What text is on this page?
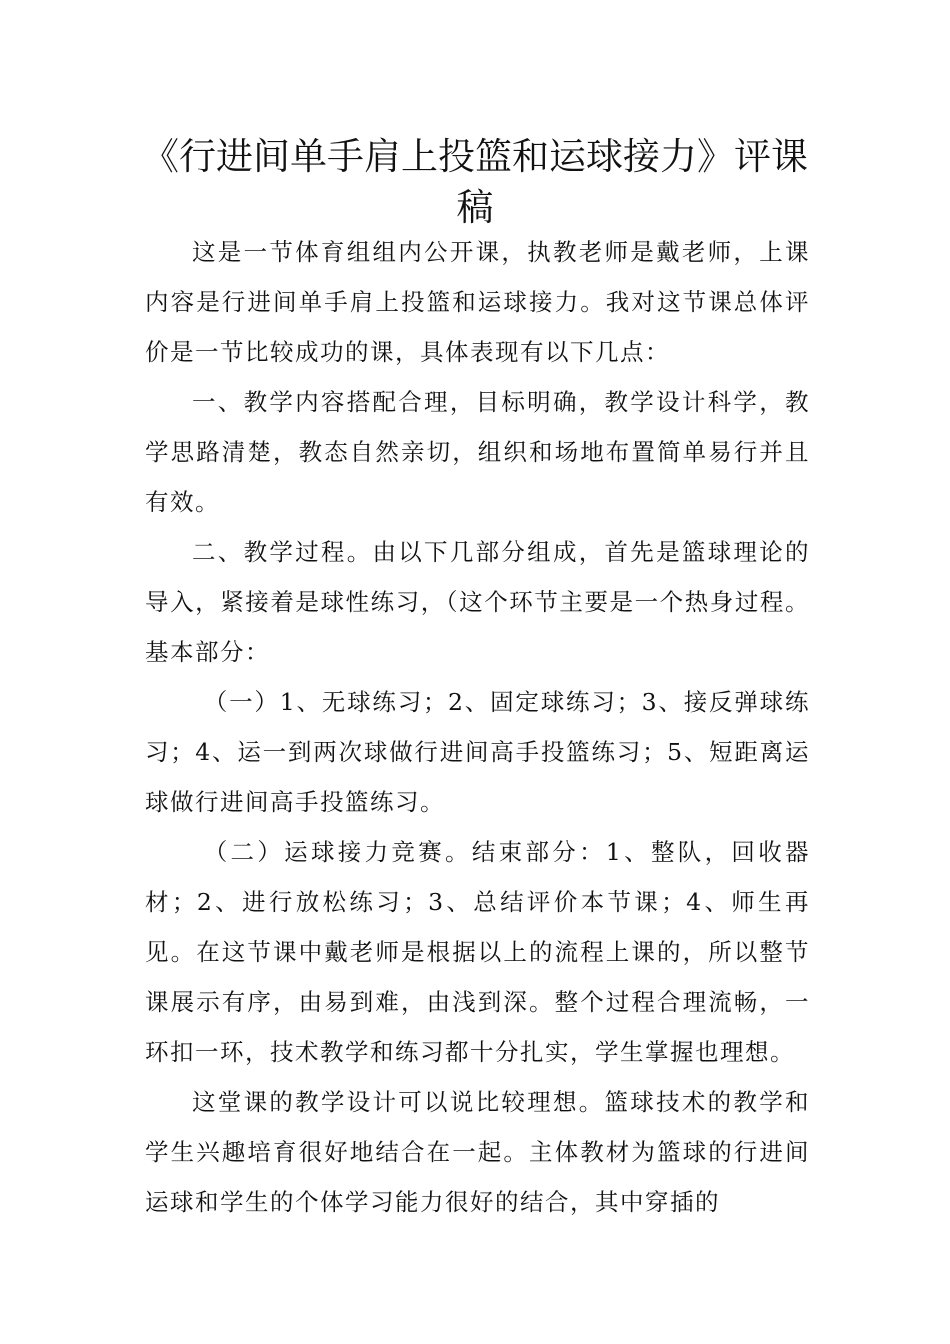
《行进间单手肩上投篮和运球接力》评课
稿

这是一节体育组组内公开课，执教老师是戴老师，上课内容是行进间单手肩上投篮和运球接力。我对这节课总体评价是一节比较成功的课，具体表现有以下几点：

一、教学内容搭配合理，目标明确，教学设计科学，教学思路清楚，教态自然亲切，组织和场地布置简单易行并且有效。

二、教学过程。由以下几部分组成，首先是篮球理论的导入，紧接着是球性练习，（这个环节主要是一个热身过程。基本部分：

（一）1、无球练习；2、固定球练习；3、接反弹球练习；4、运一到两次球做行进间高手投篮练习；5、短距离运球做行进间高手投篮练习。

（二）运球接力竞赛。结束部分：1、整队，回收器材；2、进行放松练习；3、总结评价本节课；4、师生再见。在这节课中戴老师是根据以上的流程上课的，所以整节课展示有序，由易到难，由浅到深。整个过程合理流畅，一环扣一环，技术教学和练习都十分扎实，学生掌握也理想。

这堂课的教学设计可以说比较理想。篮球技术的教学和学生兴趣培育很好地结合在一起。主体教材为篮球的行进间运球和学生的个体学习能力很好的结合，其中穿插的
